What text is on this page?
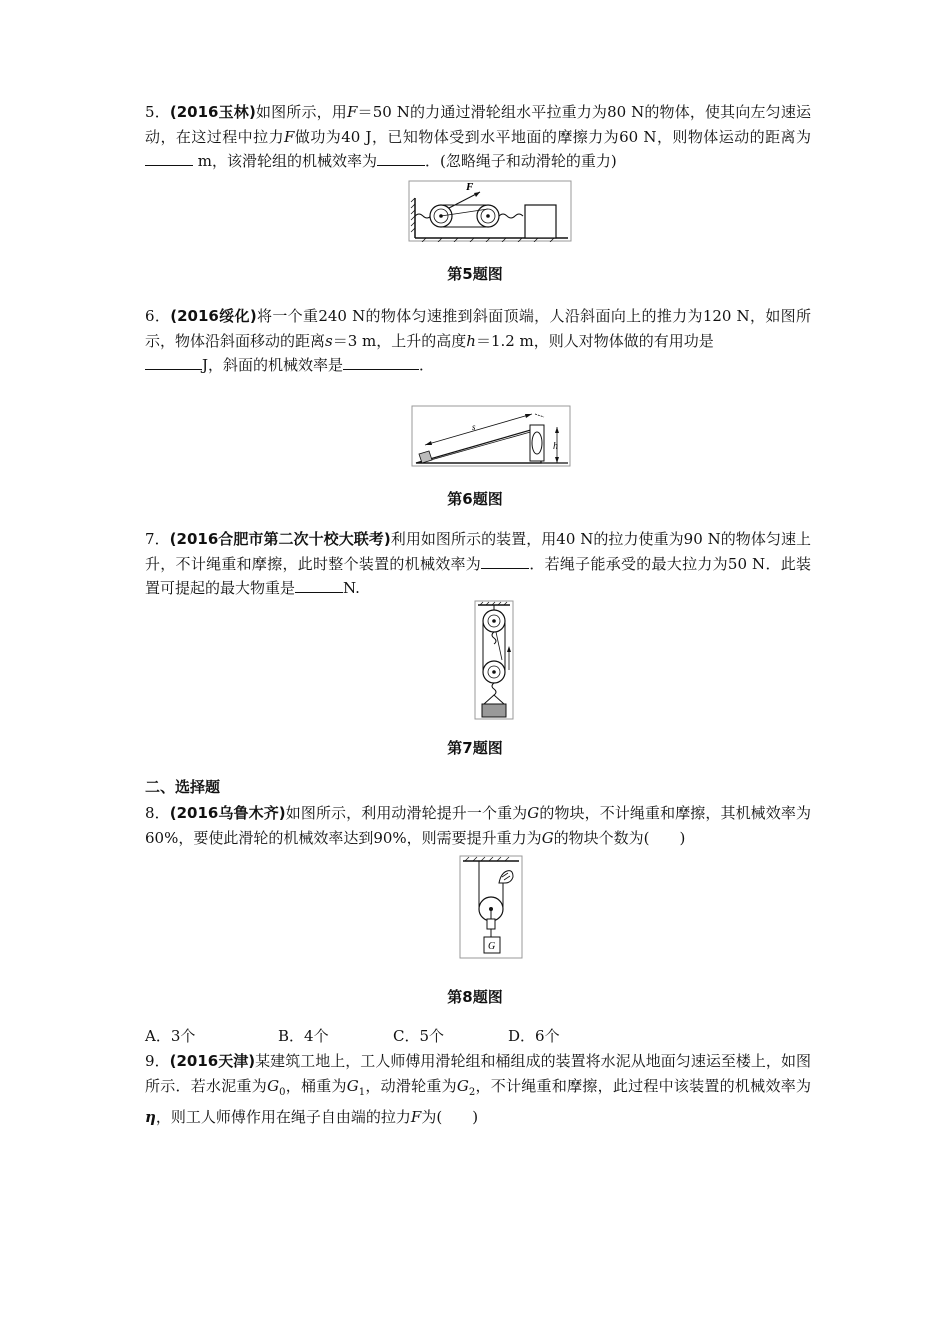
5．(2016玉林)如图所示，用F＝50 N的力通过滑轮组水平拉重力为80 N的物体，使其向左匀速运动，在这过程中拉力F做功为40 J，已知物体受到水平地面的摩擦力为60 N，则物体运动的距离为 m，该滑轮组的机械效率为	．(忽略绳子和动滑轮的重力)
F
第5题图
6．(2016绥化)将一个重240 N的物体匀速推到斜面顶端，人沿斜面向上的推力为120 N，如图所示，物体沿斜面移动的距离s＝3 m，上升的高度h＝1.2 m，则人对物体做的有用功是
J，斜面的机械效率是	．
s
h
第6题图
7．(2016合肥市第二次十校大联考)利用如图所示的装置，用40 N的拉力使重为90 N的物体匀速上升，不计绳重和摩擦，此时整个装置的机械效率为	．若绳子能承受的最大拉力为50 N．此装置可提起的最大物重是	N.
第7题图
二、选择题
8．(2016乌鲁木齐)如图所示，利用动滑轮提升一个重为G的物块，不计绳重和摩擦，其机械效率为60%，要使此滑轮的机械效率达到90%，则需要提升重力为G的物块个数为(　　)
G
第8题图
A．3个	B．4个	C．5个	D．6个
9．(2016天津)某建筑工地上，工人师傅用滑轮组和桶组成的装置将水泥从地面匀速运至楼上，如图所示．若水泥重为$G_0$，桶重为$G_1$，动滑轮重为$G_2$，不计绳重和摩擦，此过程中该装置的机械效率为η，则工人师傅作用在绳子自由端的拉力F为(　　)
